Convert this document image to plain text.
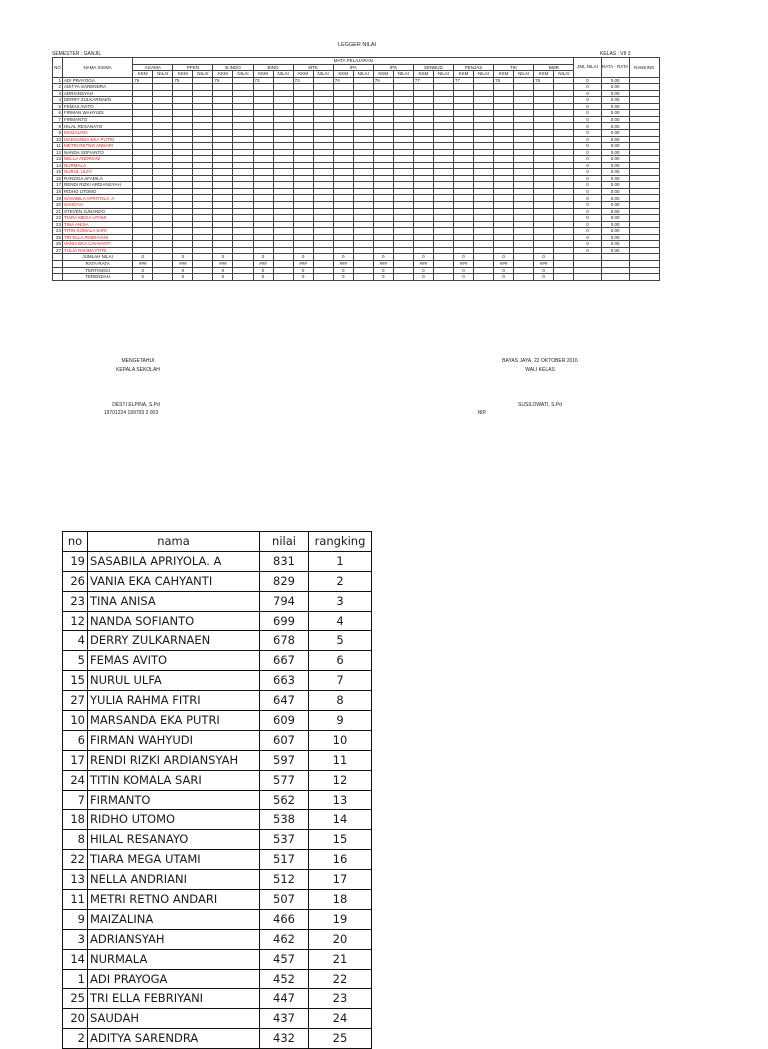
LEGGER NILAI
SEMESTER : GANJIL	KELAS : VII 3
NO	NAMA SISWA	MATA PELAJARAN																						JML NILAI	RATA - RATA	RANKING
		AGAMA		PPKN		B.INDO		BING		MTK		IPA		IPS		SENBUD		PENJAS		TIK		BMR				
		KKM	NILAI	KKM	NILAI	KKM	NILAI	KKM	NILAI	KKM	NILAI	KKM	NILAI	KKM	NILAI	KKM	NILAI	KKM	NILAI	KKM	NILAI	KKM	NILAI			
1	ADI PRAYOGA	76		75		76		73		73		74		75		77		77		75		75		0	0.00	
2	ADITYA SARENDRA																							0	0.00	
3	ADRIANSYAH																							0	0.00	
4	DERRY ZULKARNAEN																							0	0.00	
5	FEMAS AVITO																							0	0.00	
6	FIRMAN WAHYUDI																							0	0.00	
7	FIRMANTO																							0	0.00	
8	HILAL RESANAYO																							0	0.00	
9	MAIZALINA																							0	0.00	
10	MARSANDA EKA PUTRI																							0	0.00	
11	METRI RETNO ANDARI																							0	0.00	
12	NANDA SOFIANTO																							0	0.00	
13	NELLA ANDRIANI																							0	0.00	
14	NURMALA																							0	0.00	
15	NURUL ULFA																							0	0.00	
16	RANGGA AFADILA																							0	0.00	
17	RENDI RIZKI ARDIANSYAH																							0	0.00	
18	RIDHO UTOMO																							0	0.00	
19	SASABILA APRIYOLA. A																							0	0.00	
20	SAUDAH																							0	0.00	
21	STEVEN JUNANDO																							0	0.00	
22	TIARA MEGA UTAMI																							0	0.00	
23	TINA ANISA																							0	0.00	
24	TITIN KOMALA SARI																							0	0.00	
25	TRI ELLA FEBRIYANI																							0	0.00	
26	VANIA EKA CAHYANTI																							0	0.00	
27	YULIA RAHMA FITRI																							0	0.00	
	JUMLAH NILAI	0		0		0		0		0		0		0		0		0		0		0				
	RATA-RATA	###		###		###		###		###		###		###		###		###		###		###				
	TERTINGGI	0		0		0		0		0		0		0		0		0		0		0				
	TERENDAH	0		0		0		0		0		0		0		0		0		0		0				
MENGETAHUI
KEPALA SEKOLAH
DESTI ELPINA, S.Pd
19701224 199703 2 003
BAYAS JAYA, 22 OKTOBER 2016
WALI KELAS
SUSILOWATI, S.Pd
NIP.
no	nama	nilai	rangking
19	SASABILA APRIYOLA. A	831	1
26	VANIA EKA CAHYANTI	829	2
23	TINA ANISA	794	3
12	NANDA SOFIANTO	699	4
4	DERRY ZULKARNAEN	678	5
5	FEMAS AVITO	667	6
15	NURUL ULFA	663	7
27	YULIA RAHMA FITRI	647	8
10	MARSANDA EKA PUTRI	609	9
6	FIRMAN WAHYUDI	607	10
17	RENDI RIZKI ARDIANSYAH	597	11
24	TITIN KOMALA SARI	577	12
7	FIRMANTO	562	13
18	RIDHO UTOMO	538	14
8	HILAL RESANAYO	537	15
22	TIARA MEGA UTAMI	517	16
13	NELLA ANDRIANI	512	17
11	METRI RETNO ANDARI	507	18
9	MAIZALINA	466	19
3	ADRIANSYAH	462	20
14	NURMALA	457	21
1	ADI PRAYOGA	452	22
25	TRI ELLA FEBRIYANI	447	23
20	SAUDAH	437	24
2	ADITYA SARENDRA	432	25
